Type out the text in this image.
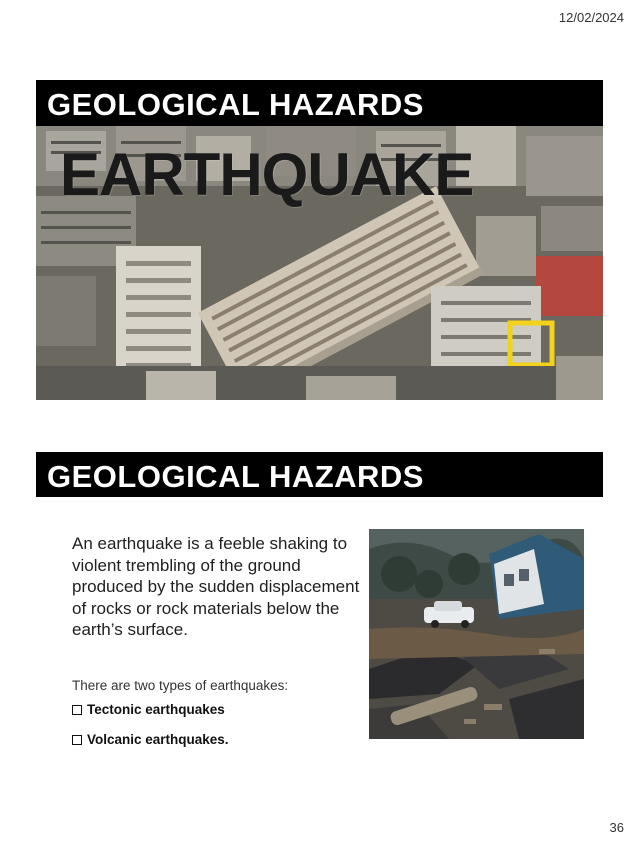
12/02/2024
GEOLOGICAL HAZARDS
EARTHQUAKE
GEOLOGICAL HAZARDS
An earthquake is a feeble shaking to violent trembling of the ground produced by the sudden displacement of rocks or rock materials below the earth’s surface.
There are two types of earthquakes:
Tectonic earthquakes
Volcanic earthquakes.
36
